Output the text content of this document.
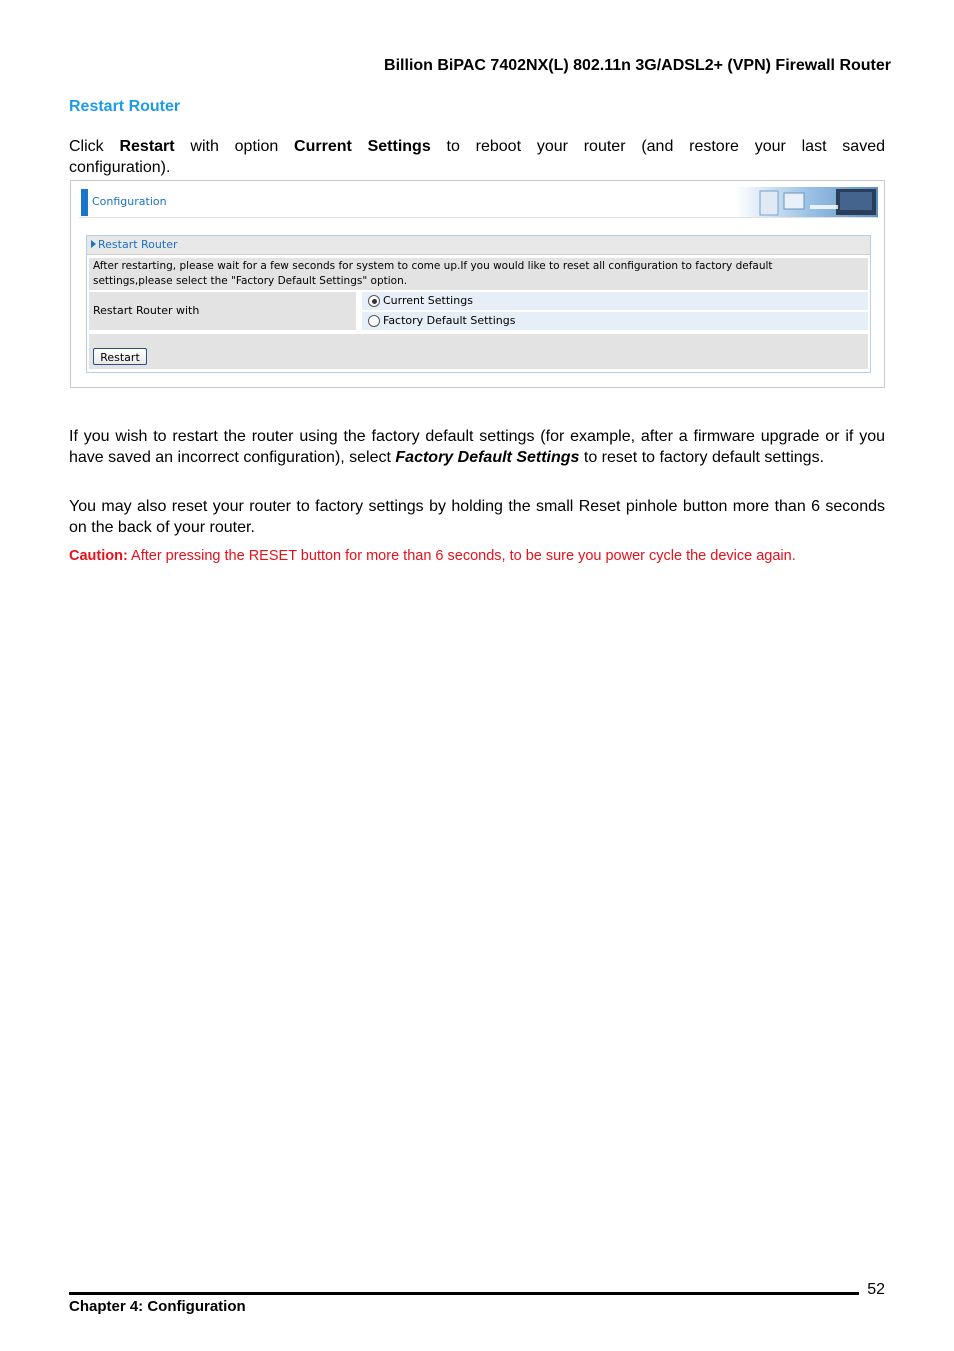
Billion BiPAC 7402NX(L) 802.11n 3G/ADSL2+ (VPN) Firewall Router
Restart Router
Click Restart with option Current Settings to reboot your router (and restore your last saved configuration).
Configuration
Restart Router
After restarting, please wait for a few seconds for system to come up.If you would like to reset all configuration to factory default
settings,please select the "Factory Default Settings" option.
Restart Router with
Current Settings
Factory Default Settings
Restart
If you wish to restart the router using the factory default settings (for example, after a firmware upgrade or if you have saved an incorrect configuration), select Factory Default Settings to reset to factory default settings.
You may also reset your router to factory settings by holding the small Reset pinhole button more than 6 seconds on the back of your router.
Caution: After pressing the RESET button for more than 6 seconds, to be sure you power cycle the device again.
52
Chapter 4: Configuration
